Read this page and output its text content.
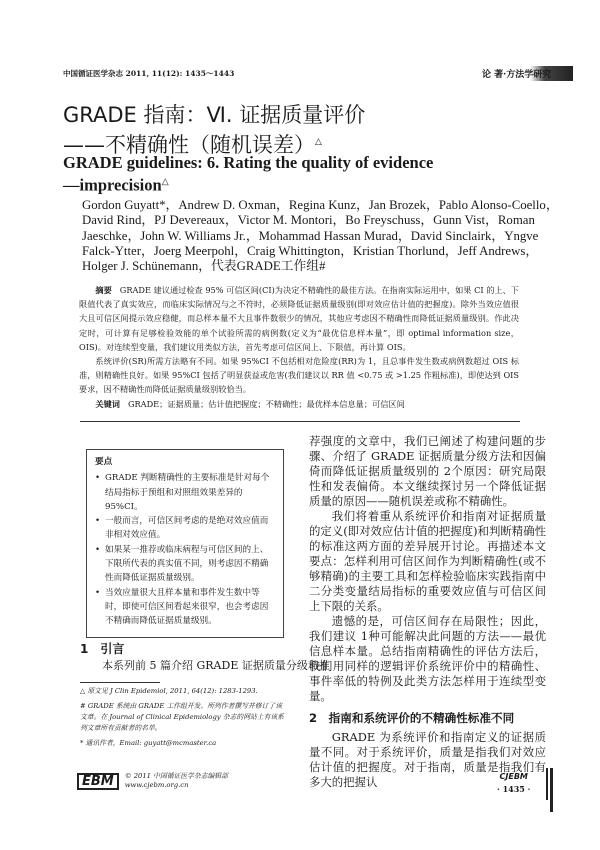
中国循证医学杂志 2011, 11(12): 1435～1443	论 著·方法学研究
GRADE 指南：Ⅵ. 证据质量评价
——不精确性（随机误差）△
GRADE guidelines: 6. Rating the quality of evidence
—imprecision△
Gordon Guyatt*，Andrew D. Oxman，Regina Kunz，Jan Brozek，Pablo Alonso-Coello，David Rind，PJ Devereaux，Victor M. Montori，Bo Freyschuss，Gunn Vist，Roman Jaeschke，John W. Williams Jr.，Mohammad Hassan Murad，David Sinclairk，Yngve Falck-Ytter，Joerg Meerpohl，Craig Whittington，Kristian Thorlund，Jeff Andrews，Holger J. Schünemann，代表GRADE工作组#

摘要 GRADE 建议通过检查 95% 可信区间(CI)为决定不精确性的最佳方法。在指南实际运用中，如果 CI 的上、下限值代表了真实效应，而临床实际情况与之不符时，必须降低证据质量级别(即对效应估计值的把握度)。除外当效应值很大且可信区间提示效应稳健，而总样本量不大且事件数很少的情况，其他应考虑因不精确性而降低证据质量级别。作此决定时，可计算有足够检验效能的单个试验所需的病例数(定义为“最优信息样本量”，即 optimal information size，OIS)。对连续型变量，我们建议用类似方法，首先考虑可信区间上、下限值，再计算 OIS。

系统评价(SR)所需方法略有不同。如果 95%CI 不包括相对危险度(RR)为 1，且总事件发生数或病例数超过 OIS 标准，则精确性良好。如果 95%CI 包括了明显获益或危害(我们建议以 RR 值 <0.75 或 >1.25 作粗标准)，即使达到 OIS 要求，因不精确性而降低证据质量级别较恰当。

关键词 GRADE；证据质量；估计值把握度；不精确性；最优样本信息量；可信区间

要点
• GRADE 判断精确性的主要标准是针对每个结局指标于预组和对照组效果差异的 95%CI。
• 一般而言，可信区间考虑的是绝对效应值而非相对效应值。
• 如果某一推荐或临床病程与可信区间的上、下限所代表的真实值不同，则考虑因不精确性而降低证据质量级别。
• 当效应量很大且样本量和事件发生数中等时，即使可信区间看起来很窄，也会考虑因不精确而降低证据质量级别。
1　引言
本系列前 5 篇介绍 GRADE 证据质量分级和推

△ 原文见 J Clin Epidemiol, 2011, 64(12): 1283-1293.

# GRADE 系统由 GRADE 工作组开发。所列作者撰写并修订了该文章。在 Journal of Clinical Epidemiology 杂志的网站上有该系列文章所有贡献者的名单。

* 通讯作者，Email: guyatt@mcmaster.ca

EBM	© 2011 中国循证医学杂志编辑部
www.cjebm.org.cn

荐强度的文章中，我们已阐述了构建问题的步骤、介绍了 GRADE 证据质量分级方法和因偏倚而降低证据质量级别的 2个原因：研究局限性和发表偏倚。本文继续探讨另一个降低证据质量的原因——随机误差或称不精确性。

我们将着重从系统评价和指南对证据质量的定义(即对效应估计值的把握度)和判断精确性的标准这两方面的差异展开讨论。再描述本文要点：怎样利用可信区间作为判断精确性(或不够精确)的主要工具和怎样检验临床实践指南中二分类变量结局指标的重要效应值与可信区间上下限的关系。

遗憾的是，可信区间存在局限性；因此，我们建议 1种可能解决此问题的方法——最优信息样本量。总结指南精确性的评估方法后，我们用同样的逻辑评价系统评价中的精确性、事件率低的特例及此类方法怎样用于连续型变量。

2　指南和系统评价的不精确性标准不同

GRADE 为系统评价和指南定义的证据质量不同。对于系统评价，质量是指我们对效应估计值的把握度。对于指南，质量是指我们有多大的把握认	CJEBM
· 1435 ·
